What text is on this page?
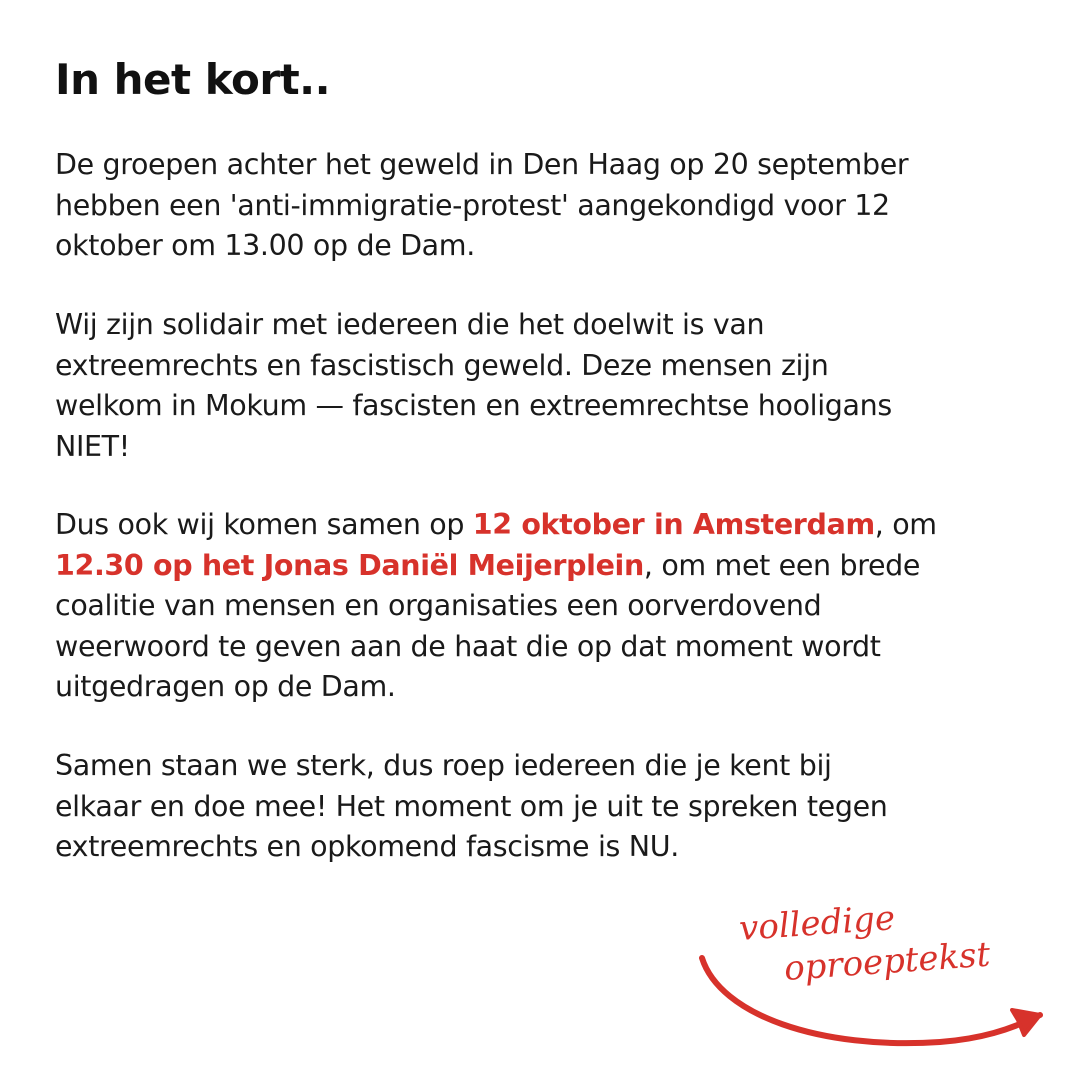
In het kort..

De groepen achter het geweld in Den Haag op 20 september
hebben een 'anti-immigratie-protest' aangekondigd voor 12
oktober om 13.00 op de Dam.

Wij zijn solidair met iedereen die het doelwit is van
extreemrechts en fascistisch geweld. Deze mensen zijn
welkom in Mokum — fascisten en extreemrechtse hooligans
NIET!

Dus ook wij komen samen op 12 oktober in Amsterdam, om
12.30 op het Jonas Daniël Meijerplein, om met een brede
coalitie van mensen en organisaties een oorverdovend
weerwoord te geven aan de haat die op dat moment wordt
uitgedragen op de Dam.

Samen staan we sterk, dus roep iedereen die je kent bij
elkaar en doe mee! Het moment om je uit te spreken tegen
extreemrechts en opkomend fascisme is NU.

volledige
oproeptekst
